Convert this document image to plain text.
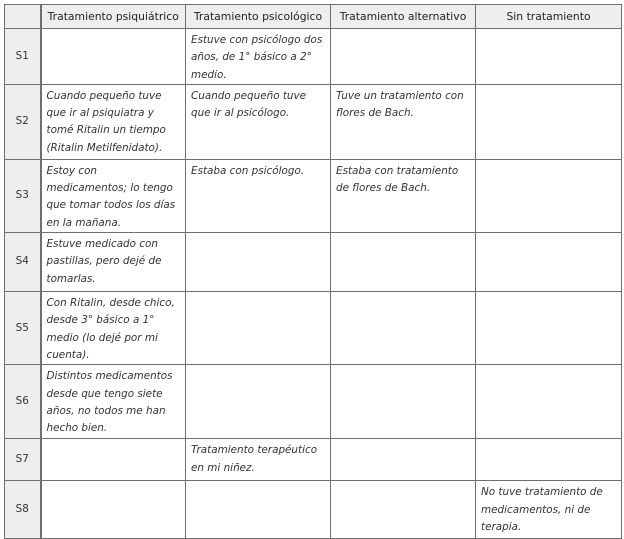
	Tratamiento psiquiátrico	Tratamiento psicológico	Tratamiento alternativo	Sin tratamiento
S1		Estuve con psicólogo dos años, de 1° básico a 2° medio.		
S2	Cuando pequeño tuve que ir al psiquiatra y tomé Ritalin un tiempo (Ritalin Metilfenidato).	Cuando pequeño tuve que ir al psicólogo.	Tuve un tratamiento con flores de Bach.	
S3	Estoy con medicamentos; lo tengo que tomar todos los días en la mañana.	Estaba con psicólogo.	Estaba con tratamiento de flores de Bach.	
S4	Estuve medicado con pastillas, pero dejé de tomarlas.			
S5	Con Ritalin, desde chico, desde 3° básico a 1° medio (lo dejé por mi cuenta).			
S6	Distintos medicamentos desde que tengo siete años, no todos me han hecho bien.			
S7		Tratamiento terapéutico en mi niñez.		
S8				No tuve tratamiento de medicamentos, ni de terapia.
